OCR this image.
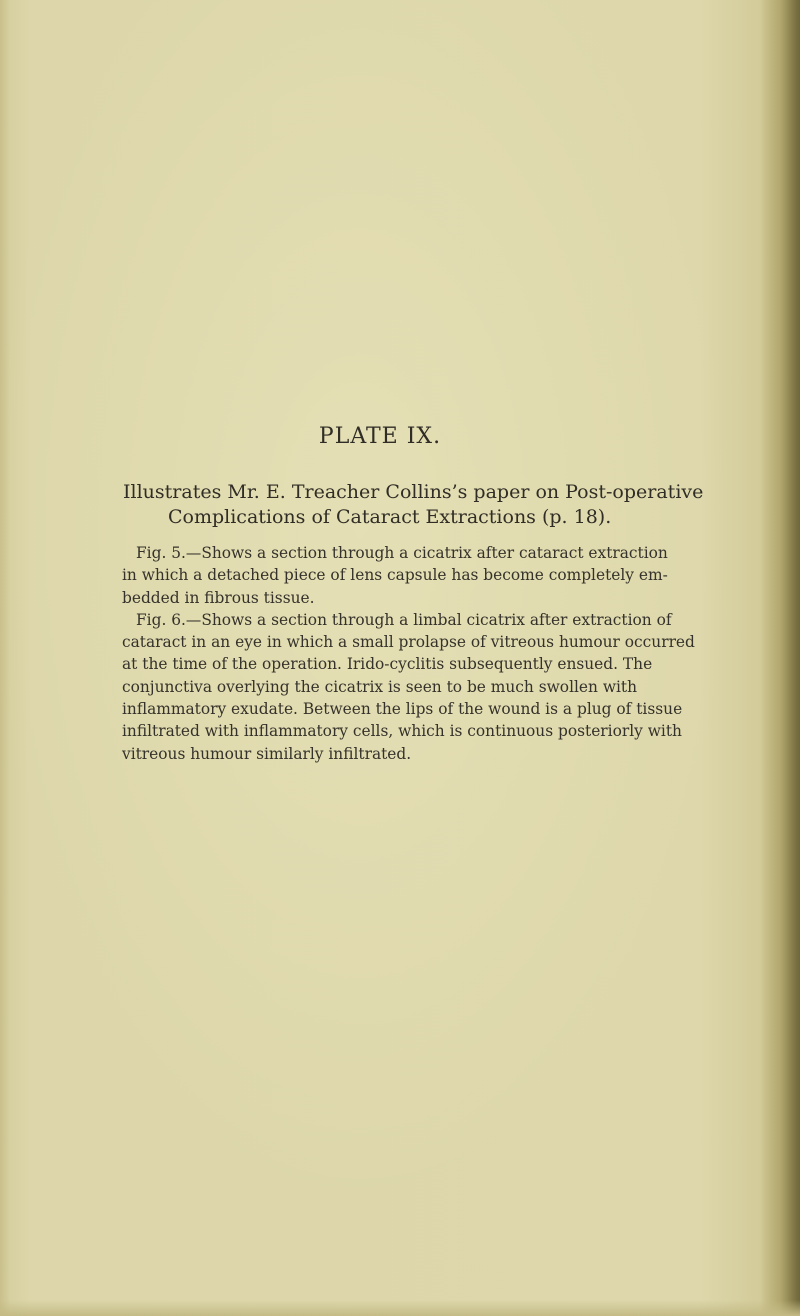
PLATE IX.
Illustrates Mr. E. Treacher Collins’s paper on Post-operative
Complications of Cataract Extractions (p. 18).
Fig. 5.—Shows a section through a cicatrix after cataract extraction
in which a detached piece of lens capsule has become completely em-
bedded in fibrous tissue.
Fig. 6.—Shows a section through a limbal cicatrix after extraction of
cataract in an eye in which a small prolapse of vitreous humour occurred
at the time of the operation. Irido-cyclitis subsequently ensued. The
conjunctiva overlying the cicatrix is seen to be much swollen with
inflammatory exudate. Between the lips of the wound is a plug of tissue
infiltrated with inflammatory cells, which is continuous posteriorly with
vitreous humour similarly infiltrated.
